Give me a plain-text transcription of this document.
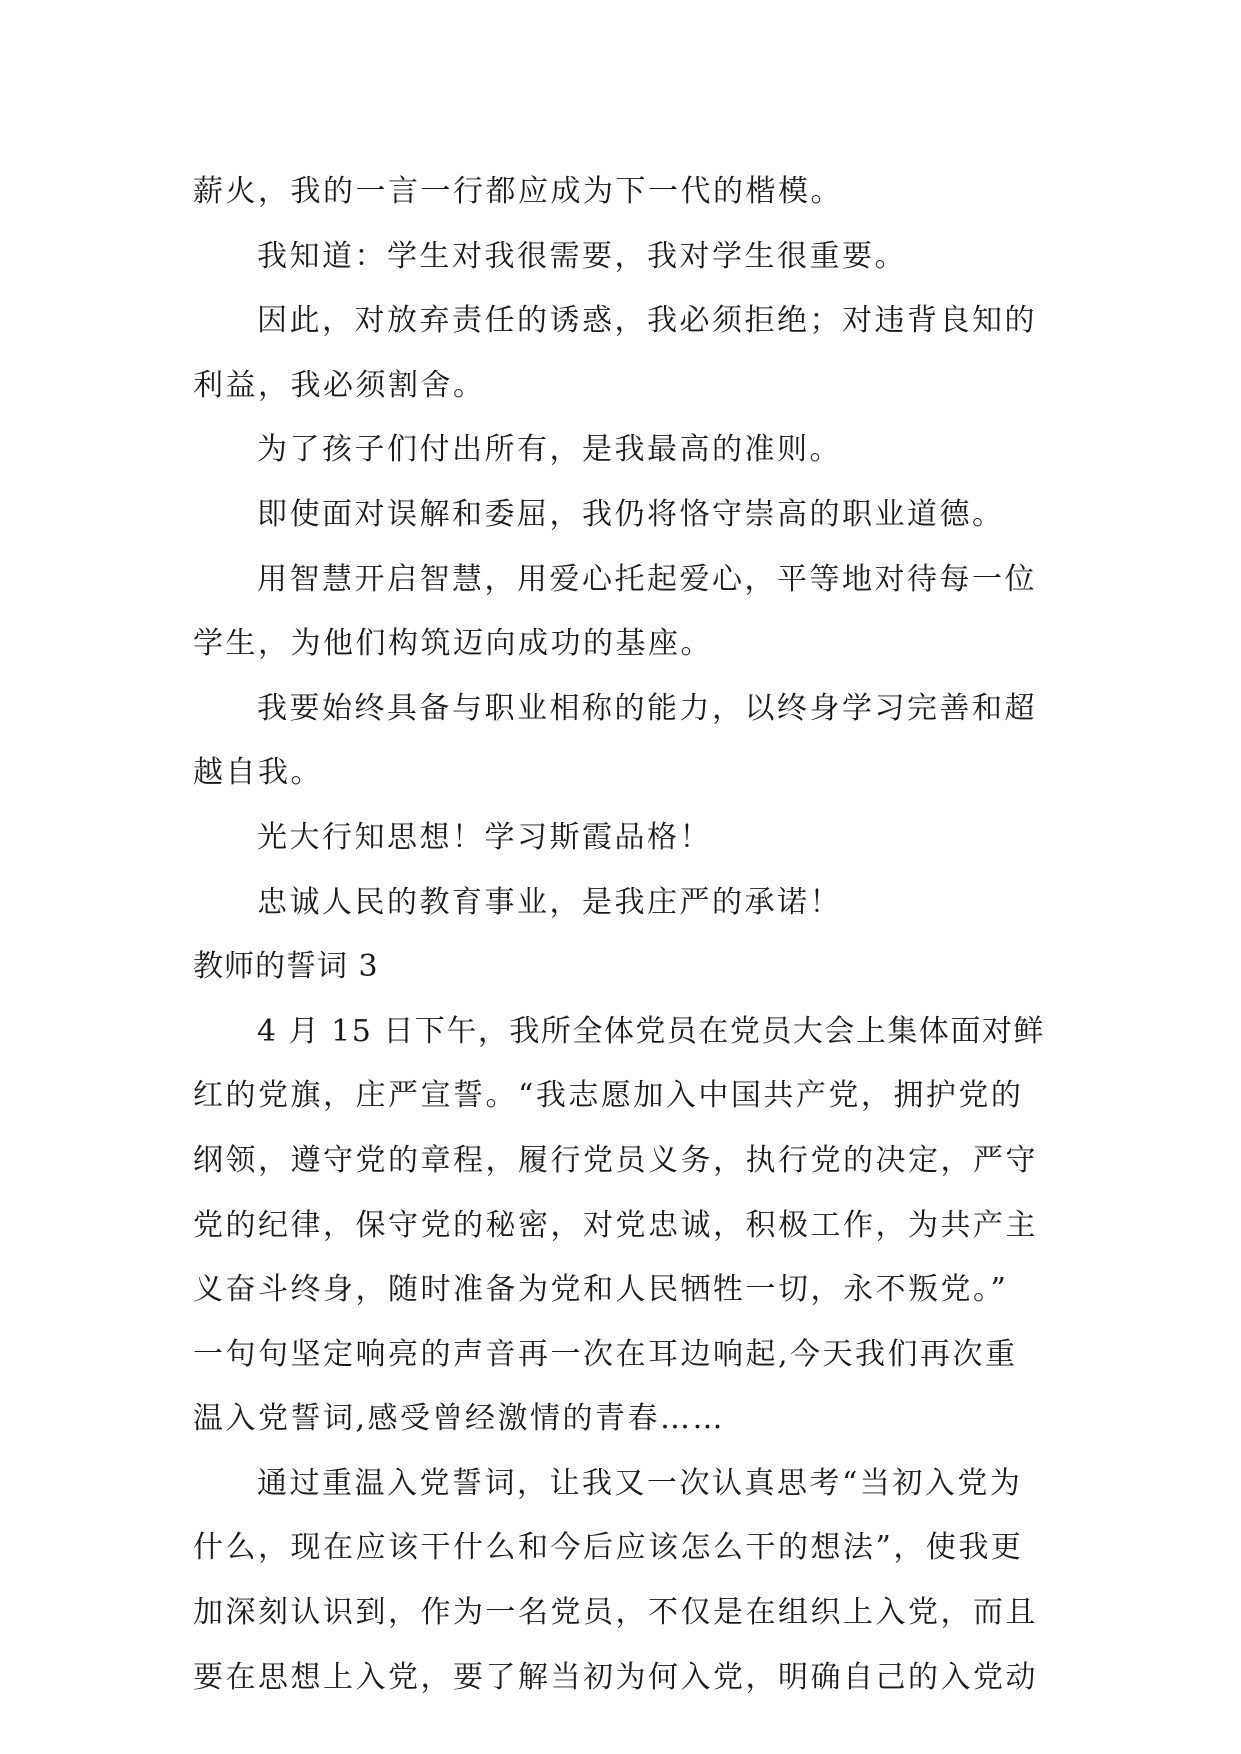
薪火，我的一言一行都应成为下一代的楷模。

我知道：学生对我很需要，我对学生很重要。

因此，对放弃责任的诱惑，我必须拒绝；对违背良知的

利益，我必须割舍。

为了孩子们付出所有，是我最高的准则。

即使面对误解和委屈，我仍将恪守崇高的职业道德。

用智慧开启智慧，用爱心托起爱心，平等地对待每一位

学生，为他们构筑迈向成功的基座。

我要始终具备与职业相称的能力，以终身学习完善和超

越自我。

光大行知思想！学习斯霞品格！

忠诚人民的教育事业，是我庄严的承诺！

教师的誓词 3

4 月 15 日下午，我所全体党员在党员大会上集体面对鲜

红的党旗，庄严宣誓。“我志愿加入中国共产党，拥护党的

纲领，遵守党的章程，履行党员义务，执行党的决定，严守

党的纪律，保守党的秘密，对党忠诚，积极工作，为共产主

义奋斗终身，随时准备为党和人民牺牲一切，永不叛党。”

一句句坚定响亮的声音再一次在耳边响起,今天我们再次重

温入党誓词,感受曾经激情的青春……

通过重温入党誓词，让我又一次认真思考“当初入党为

什么，现在应该干什么和今后应该怎么干的想法”，使我更

加深刻认识到，作为一名党员，不仅是在组织上入党，而且

要在思想上入党，要了解当初为何入党，明确自己的入党动
